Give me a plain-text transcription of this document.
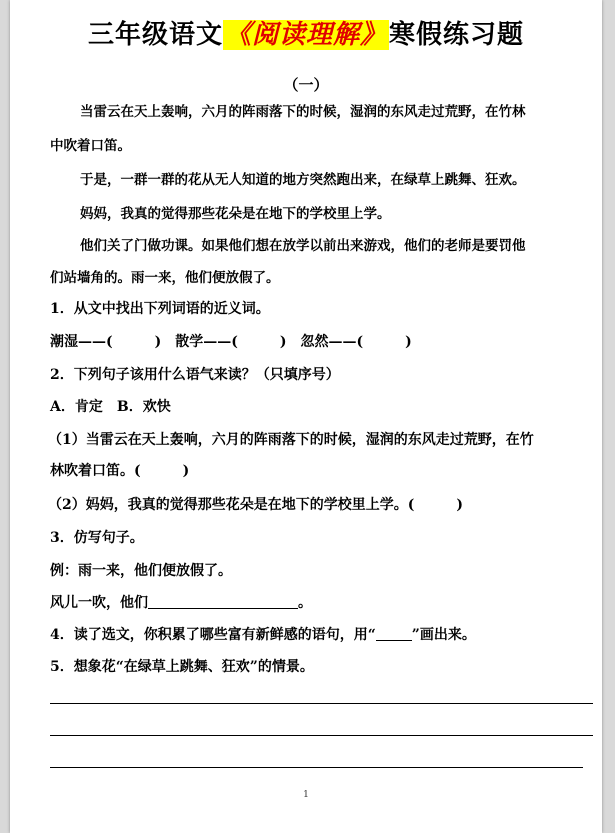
三年级语文《阅读理解》寒假练习题
（一）
当雷云在天上轰响，六月的阵雨落下的时候，湿润的东风走过荒野，在竹林
中吹着口笛。
于是，一群一群的花从无人知道的地方突然跑出来，在绿草上跳舞、狂欢。
妈妈，我真的觉得那些花朵是在地下的学校里上学。
他们关了门做功课。如果他们想在放学以前出来游戏，他们的老师是要罚他
们站墙角的。雨一来，他们便放假了。
1．从文中找出下列词语的近义词。
潮湿——(　　　)　散学——(　　　)　忽然——(　　　)
2．下列句子该用什么语气来读？（只填序号）
A．肯定　B．欢快
（1）当雷云在天上轰响，六月的阵雨落下的时候，湿润的东风走过荒野，在竹
林吹着口笛。(　　　)
（2）妈妈，我真的觉得那些花朵是在地下的学校里上学。(　　　)
3．仿写句子。
例：雨一来，他们便放假了。
风儿一吹，他们	。
4．读了选文，你积累了哪些富有新鲜感的语句，用“	”画出来。
5．想象花“在绿草上跳舞、狂欢”的情景。
1
